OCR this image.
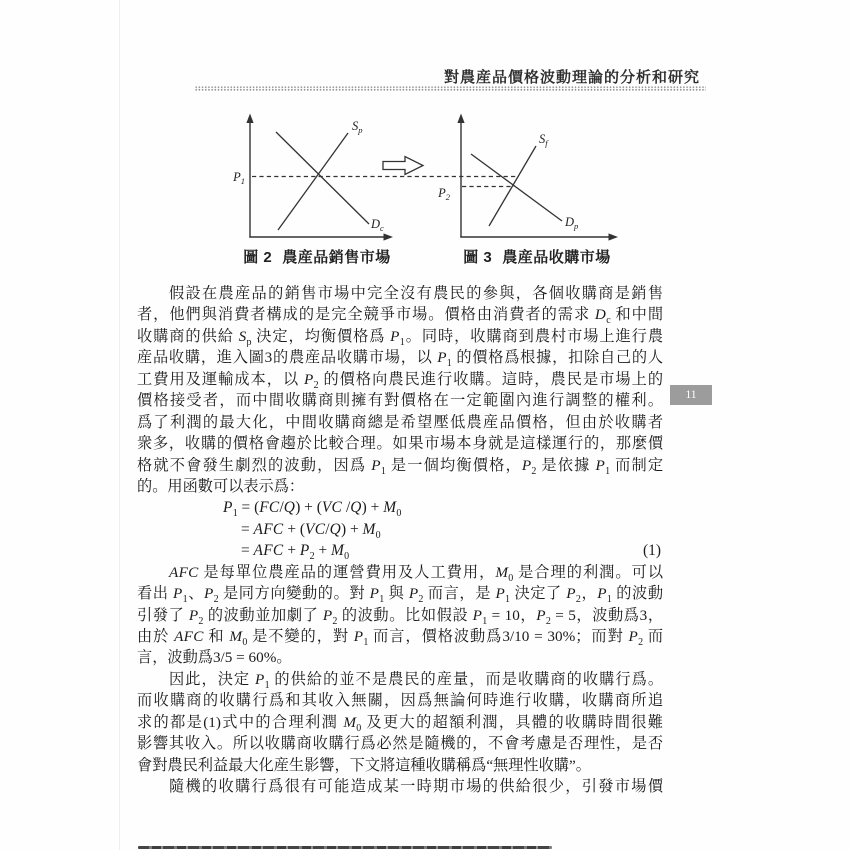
對農産品價格波動理論的分析和研究
$P_1$
$S_p$
$D_c$
$P_2$
$S_f$
$D_p$
圖 2 農産品銷售市場	圖 3 農産品收購市場
11
假設在農産品的銷售市場中完全沒有農民的參與，各個收購商是銷售
者，他們與消費者構成的是完全競爭市場。價格由消費者的需求 $D_c$ 和中間
收購商的供給 $S_p$ 決定，均衡價格爲 $P_1$。同時，收購商到農村市場上進行農
産品收購，進入圖3的農産品收購市場，以 $P_1$ 的價格爲根據，扣除自己的人
工費用及運輸成本，以 $P_2$ 的價格向農民進行收購。這時，農民是市場上的
價格接受者，而中間收購商則擁有對價格在一定範圍內進行調整的權利。
爲了利潤的最大化，中間收購商總是希望壓低農産品價格，但由於收購者
衆多，收購的價格會趨於比較合理。如果市場本身就是這樣運行的，那麼價
格就不會發生劇烈的波動，因爲 $P_1$ 是一個均衡價格，$P_2$ 是依據 $P_1$ 而制定
的。用函數可以表示爲：
$P_1 = (FC/Q) + (VC$ $/Q) + M_0$
= AFC + $(VC/Q) + M_0$
= AFC + $P_2 + M_0$	(1)
AFC 是每單位農産品的運營費用及人工費用，$M_0$ 是合理的利潤。可以
看出 $P_1$、$P_2$ 是同方向變動的。對 $P_1$ 與 $P_2$ 而言，是 $P_1$ 決定了 $P_2$，$P_1$ 的波動
引發了 $P_2$ 的波動並加劇了 $P_2$ 的波動。比如假設 $P_1 = 10$，$P_2 = 5$，波動爲3，
由於 AFC 和 $M_0$ 是不變的，對 $P_1$ 而言，價格波動爲3/10 = 30%；而對 $P_2$ 而
言，波動爲3/5 = 60%。
因此，決定 $P_1$ 的供給的並不是農民的産量，而是收購商的收購行爲。
而收購商的收購行爲和其收入無關，因爲無論何時進行收購，收購商所追
求的都是(1)式中的合理利潤 $M_0$ 及更大的超額利潤，具體的收購時間很難
影響其收入。所以收購商收購行爲必然是隨機的，不會考慮是否理性，是否
會對農民利益最大化産生影響，下文將這種收購稱爲“無理性收購”。
隨機的收購行爲很有可能造成某一時期市場的供給很少，引發市場價
